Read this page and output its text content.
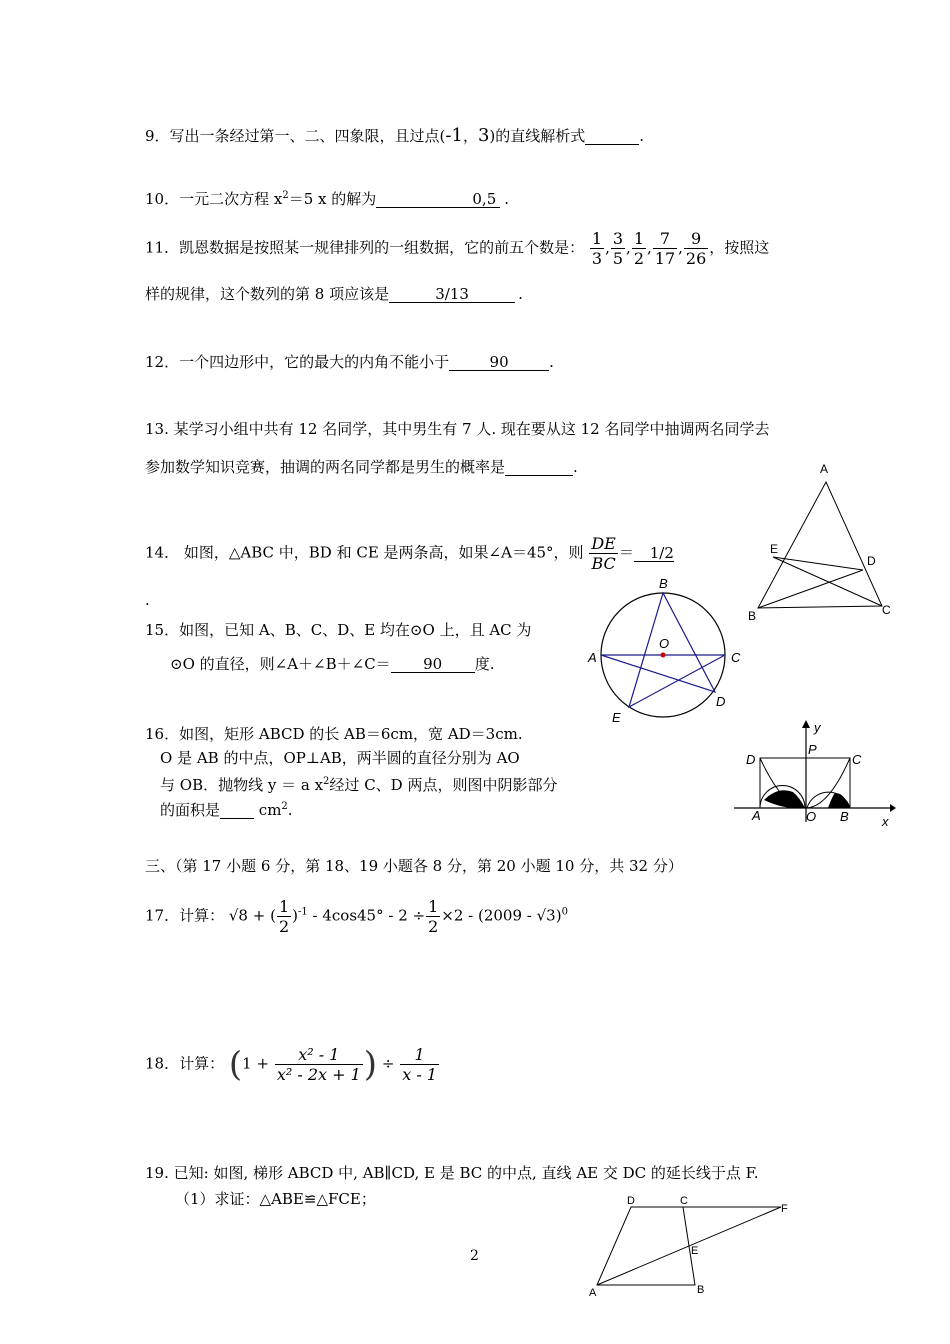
9．写出一条经过第一、二、四象限，且过点(-1，3)的直线解析式	.
10．一元二次方程 $x^2=5$ x 的解为	0,5 .
11．凯恩数据是按照某一规律排列的一组数据，它的前五个数是： $\frac{1}{3}$ , $\frac{3}{5}$ , $\frac{1}{2}$ , $\frac{7}{17}$ , $\frac{9}{26}$ ，按照这
样的规律，这个数列的第 8 项应该是	3/13	.
12．一个四边形中，它的最大的内角不能小于	90	.
13. 某学习小组中共有 12 名同学，其中男生有 7 人. 现在要从这 12 名同学中抽调两名同学去
参加数学知识竞赛，抽调的两名同学都是男生的概率是	.
14． 如图，△ABC 中，BD 和 CE 是两条高，如果∠A＝45°，则 $\frac{DE}{BC} = 1/2$
.
15．如图，已知 A、B、C、D、E 均在⊙O 上，且 AC 为
⊙O 的直径，则∠A＋∠B＋∠C＝ 90 度.
16．如图，矩形 ABCD 的长 AB＝6cm，宽 AD＝3cm.
O 是 AB 的中点，OP⊥AB，两半圆的直径分别为 AO
与 OB．抛物线 y ＝ a $x^2$经过 C、D 两点，则图中阴影部分
的面积是	$cm^2$.
三、（第 17 小题 6 分，第 18、19 小题各 8 分，第 20 小题 10 分，共 32 分）
17．计算： √8 + ( $\frac{1}{2} )^{-1} - 4\cos 45^\circ - 2 \div \frac{1}{2} \times 2 - (2009 - √3)^0$
18．计算： ($1 + \frac{\text{x² - 1}}{\text{x² - 2x + 1}}$ ) ÷ $\frac{1}{x - 1}$
19. 已知: 如图, 梯形 ABCD 中, AB∥CD, E 是 BC 的中点, 直线 AE 交 DC 的延长线于点 F.
（1）求证：△ABE≌△FCE；
A
B	C
D
E
A
B
C
D
E
O
y
P
D	C
A	O B	x
D	C
F
E
A	B
2
